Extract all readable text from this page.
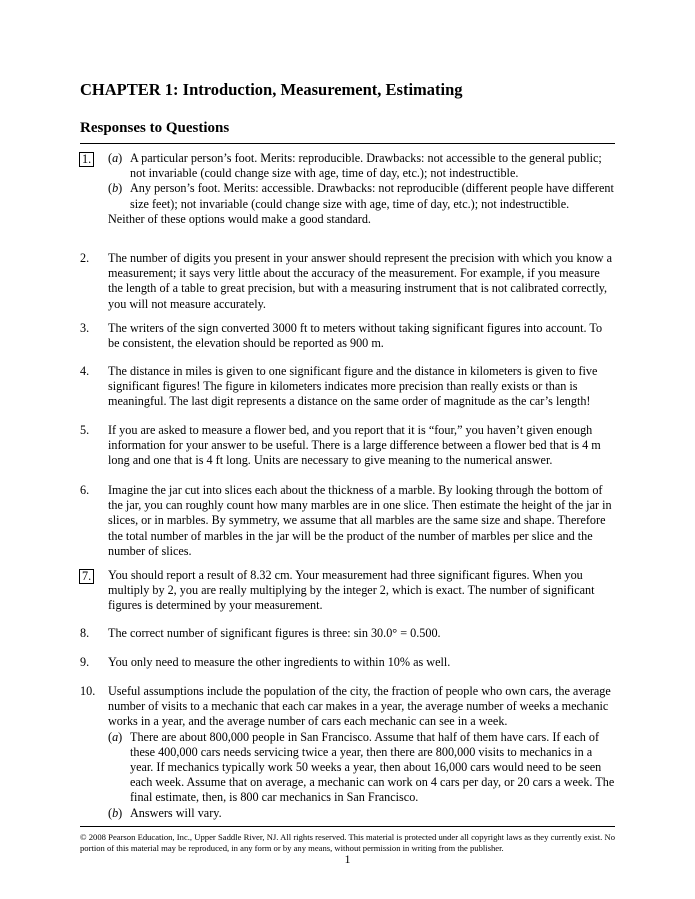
CHAPTER 1: Introduction, Measurement, Estimating
Responses to Questions
1. (a) A particular person’s foot. Merits: reproducible. Drawbacks: not accessible to the general public; not invariable (could change size with age, time of day, etc.); not indestructible.
(b) Any person’s foot. Merits: accessible. Drawbacks: not reproducible (different people have different size feet); not invariable (could change size with age, time of day, etc.); not indestructible.
Neither of these options would make a good standard.
2.	The number of digits you present in your answer should represent the precision with which you know a measurement; it says very little about the accuracy of the measurement. For example, if you measure the length of a table to great precision, but with a measuring instrument that is not calibrated correctly, you will not measure accurately.
3.	The writers of the sign converted 3000 ft to meters without taking significant figures into account. To be consistent, the elevation should be reported as 900 m.
4.	The distance in miles is given to one significant figure and the distance in kilometers is given to five significant figures! The figure in kilometers indicates more precision than really exists or than is meaningful. The last digit represents a distance on the same order of magnitude as the car’s length!
5.	If you are asked to measure a flower bed, and you report that it is “four,” you haven’t given enough information for your answer to be useful. There is a large difference between a flower bed that is 4 m long and one that is 4 ft long. Units are necessary to give meaning to the numerical answer.
6.	Imagine the jar cut into slices each about the thickness of a marble. By looking through the bottom of the jar, you can roughly count how many marbles are in one slice. Then estimate the height of the jar in slices, or in marbles. By symmetry, we assume that all marbles are the same size and shape. Therefore the total number of marbles in the jar will be the product of the number of marbles per slice and the number of slices.
7. You should report a result of 8.32 cm. Your measurement had three significant figures. When you multiply by 2, you are really multiplying by the integer 2, which is exact. The number of significant figures is determined by your measurement.
8.	The correct number of significant figures is three: sin 30.0° = 0.500.
9.	You only need to measure the other ingredients to within 10% as well.
10. Useful assumptions include the population of the city, the fraction of people who own cars, the average number of visits to a mechanic that each car makes in a year, the average number of weeks a mechanic works in a year, and the average number of cars each mechanic can see in a week.
(a) There are about 800,000 people in San Francisco. Assume that half of them have cars. If each of these 400,000 cars needs servicing twice a year, then there are 800,000 visits to mechanics in a year. If mechanics typically work 50 weeks a year, then about 16,000 cars would need to be seen each week. Assume that on average, a mechanic can work on 4 cars per day, or 20 cars a week. The final estimate, then, is 800 car mechanics in San Francisco.
(b) Answers will vary.
© 2008 Pearson Education, Inc., Upper Saddle River, NJ. All rights reserved. This material is protected under all copyright laws as they currently exist. No portion of this material may be reproduced, in any form or by any means, without permission in writing from the publisher.
1
